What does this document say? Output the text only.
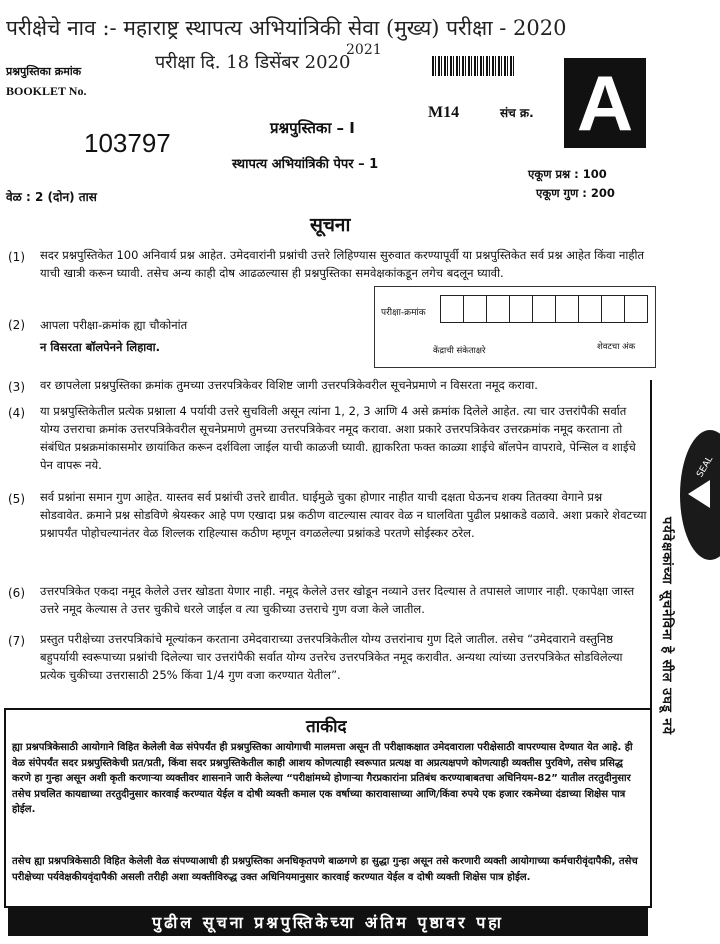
परीक्षेचे नाव :- महाराष्ट्र स्थापत्य अभियांत्रिकी सेवा (मुख्य) परीक्षा - 2020
परीक्षा दि. 18 डिसेंबर 2020
2021
प्रश्नपुस्तिका क्रमांक
BOOKLET No.
103797
वेळ : 2 (दोन) तास
M14	संच क्र.
प्रश्नपुस्तिका – I
स्थापत्य अभियांत्रिकी पेपर – 1
A
एकूण प्रश्न : 100
एकूण गुण : 200
सूचना
(1) सदर प्रश्नपुस्तिकेत 100 अनिवार्य प्रश्न आहेत. उमेदवारांनी प्रश्नांची उत्तरे लिहिण्यास सुरुवात करण्यापूर्वी या प्रश्नपुस्तिकेत सर्व प्रश्न आहेत किंवा नाहीत याची खात्री करून घ्यावी. तसेच अन्य काही दोष आढळल्यास ही प्रश्नपुस्तिका समवेक्षकांकडून लगेच बदलून घ्यावी.
(2) आपला परीक्षा-क्रमांक ह्या चौकोनांत
न विसरता बॉलपेनने लिहावा.
परीक्षा-क्रमांक
केंद्राची संकेताक्षरे	शेवटचा अंक
(3) वर छापलेला प्रश्नपुस्तिका क्रमांक तुमच्या उत्तरपत्रिकेवर विशिष्ट जागी उत्तरपत्रिकेवरील सूचनेप्रमाणे न विसरता नमूद करावा.
(4) या प्रश्नपुस्तिकेतील प्रत्येक प्रश्नाला 4 पर्यायी उत्तरे सुचविली असून त्यांना 1, 2, 3 आणि 4 असे क्रमांक दिलेले आहेत. त्या चार उत्तरांपैकी सर्वात योग्य उत्तराचा क्रमांक उत्तरपत्रिकेवरील सूचनेप्रमाणे तुमच्या उत्तरपत्रिकेवर नमूद करावा. अशा प्रकारे उत्तरपत्रिकेवर उत्तरक्रमांक नमूद करताना तो संबंधित प्रश्नक्रमांकासमोर छायांकित करून दर्शविला जाईल याची काळजी घ्यावी. ह्याकरिता फक्त काळ्या शाईचे बॉलपेन वापरावे, पेन्सिल व शाईचे पेन वापरू नये.
(5) सर्व प्रश्नांना समान गुण आहेत. यास्तव सर्व प्रश्नांची उत्तरे द्यावीत. घाईमुळे चुका होणार नाहीत याची दक्षता घेऊनच शक्य तितक्या वेगाने प्रश्न सोडवावेत. क्रमाने प्रश्न सोडविणे श्रेयस्कर आहे पण एखादा प्रश्न कठीण वाटल्यास त्यावर वेळ न घालविता पुढील प्रश्नाकडे वळावे. अशा प्रकारे शेवटच्या प्रश्नापर्यंत पोहोचल्यानंतर वेळ शिल्लक राहिल्यास कठीण म्हणून वगळलेल्या प्रश्नांकडे परतणे सोईस्कर ठरेल.
(6) उत्तरपत्रिकेत एकदा नमूद केलेले उत्तर खोडता येणार नाही. नमूद केलेले उत्तर खोडून नव्याने उत्तर दिल्यास ते तपासले जाणार नाही. एकापेक्षा जास्त उत्तरे नमूद केल्यास ते उत्तर चुकीचे धरले जाईल व त्या चुकीच्या उत्तराचे गुण वजा केले जातील.
(7) प्रस्तुत परीक्षेच्या उत्तरपत्रिकांचे मूल्यांकन करताना उमेदवाराच्या उत्तरपत्रिकेतील योग्य उत्तरांनाच गुण दिले जातील. तसेच “उमेदवाराने वस्तुनिष्ठ बहुपर्यायी स्वरूपाच्या प्रश्नांची दिलेल्या चार उत्तरांपैकी सर्वात योग्य उत्तरेच उत्तरपत्रिकेत नमूद करावीत. अन्यथा त्यांच्या उत्तरपत्रिकेत सोडविलेल्या प्रत्येक चुकीच्या उत्तरासाठी 25% किंवा 1/4 गुण वजा करण्यात येतील”.
ताकीद
ह्या प्रश्नपत्रिकेसाठी आयोगाने विहित केलेली वेळ संपेपर्यंत ही प्रश्नपुस्तिका आयोगाची मालमत्ता असून ती परीक्षाकक्षात उमेदवाराला परीक्षेसाठी वापरण्यास देण्यात येत आहे. ही वेळ संपेपर्यंत सदर प्रश्नपुस्तिकेची प्रत/प्रती, किंवा सदर प्रश्नपुस्तिकेतील काही आशय कोणत्याही स्वरूपात प्रत्यक्ष वा अप्रत्यक्षपणे कोणत्याही व्यक्तीस पुरविणे, तसेच प्रसिद्ध करणे हा गुन्हा असून अशी कृती करणाऱ्या व्यक्तीवर शासनाने जारी केलेल्या “परीक्षांमध्ये होणाऱ्या गैरप्रकारांना प्रतिबंध करण्याबाबतचा अधिनियम-82” यातील तरतुदीनुसार तसेच प्रचलित कायद्याच्या तरतुदीनुसार कारवाई करण्यात येईल व दोषी व्यक्ती कमाल एक वर्षाच्या कारावासाच्या आणि/किंवा रुपये एक हजार रकमेच्या दंडाच्या शिक्षेस पात्र होईल.
तसेच ह्या प्रश्नपत्रिकेसाठी विहित केलेली वेळ संपण्याआधी ही प्रश्नपुस्तिका अनधिकृतपणे बाळगणे हा सुद्धा गुन्हा असून तसे करणारी व्यक्ती आयोगाच्या कर्मचारीवृंदापैकी, तसेच परीक्षेच्या पर्यवेक्षकीयवृंदापैकी असली तरीही अशा व्यक्तीविरुद्ध उक्त अधिनियमानुसार कारवाई करण्यात येईल व दोषी व्यक्ती शिक्षेस पात्र होईल.
पर्यवेक्षकांच्या सूचनेविना हे सील उघडू नये
SEAL
पुढील सूचना प्रश्नपुस्तिकेच्या अंतिम पृष्ठावर पहा
